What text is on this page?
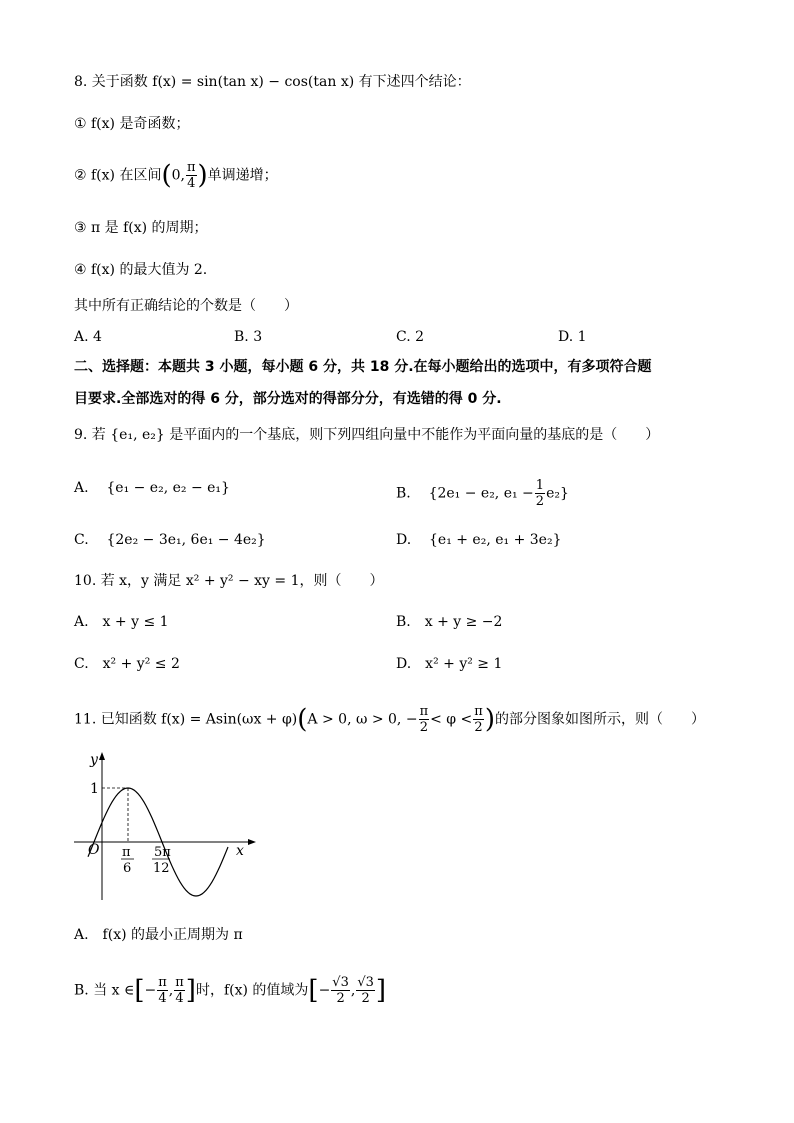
8. 关于函数 f(x) = sin(tan x) − cos(tan x) 有下述四个结论：
① f(x) 是奇函数；
② f(x) 在区间(0, $\frac{\pi}{4}$ )单调递增；
③ π 是 f(x) 的周期；
④ f(x) 的最大值为 2.
其中所有正确结论的个数是（　　）
A. 4	B. 3	C. 2	D. 1
二、选择题：本题共 3 小题，每小题 6 分，共 18 分.在每小题给出的选项中，有多项符合题
目要求.全部选对的得 6 分，部分选对的得部分分，有选错的得 0 分.
9. 若 {e₁, e₂} 是平面内的一个基底，则下列四组向量中不能作为平面向量的基底的是（　　）
A. {e₁ − e₂, e₂ − e₁}	B. {2e₁ − e₂, $e_1 - \frac{1}{2} e_2$}
C. {2e₂ − 3e₁, 6e₁ − 4e₂}	D. {e₁ + e₂, e₁ + 3e₂}
10. 若 x，y 满足 x² + y² − xy = 1，则（　　）
A.　x + y ≤ 1	B.　x + y ≥ −2
C.　x² + y² ≤ 2	D.　x² + y² ≥ 1
11. 已知函数 f(x) = Asin(ωx + φ)(A > 0, ω > 0, − $\frac{\pi}{2} < \varphi < \frac{\pi}{2}$ )的部分图象如图所示，则（　　）
y
x
O
1
π
6
5π
12
A.　f(x) 的最小正周期为 π
B. 当 x ∈[− $\frac{\pi}{4}$ , $\frac{\pi}{4}$ ]时，f(x) 的值域为[− $\frac{√3}{2}$ , $\frac{√3}{2}$ ]
